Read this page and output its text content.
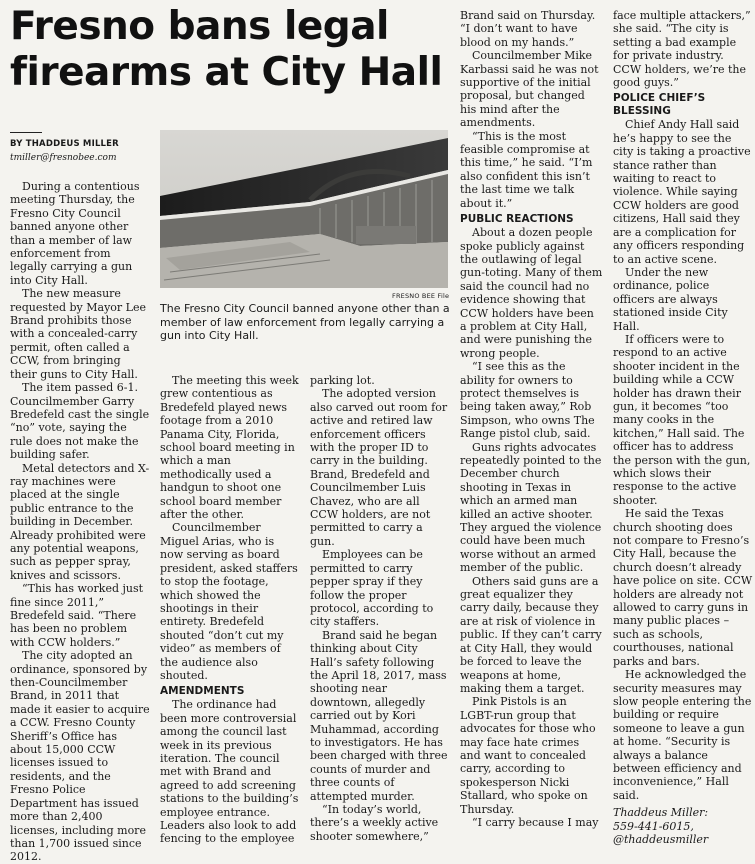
Fresno bans legal
firearms at City Hall
BY THADDEUS MILLER
tmiller@fresnobee.com
FRESNO BEE File
The Fresno City Council banned anyone other than a member of law enforcement from legally carrying a gun into City Hall.

During a contentious meeting Thursday, the Fresno City Council banned anyone other than a member of law enforcement from legally carrying a gun into City Hall.

The new measure requested by Mayor Lee Brand prohibits those with a concealed-carry permit, often called a CCW, from bringing their guns to City Hall.

The item passed 6-1. Councilmember Garry Bredefeld cast the single “no” vote, saying the rule does not make the building safer.

Metal detectors and X-ray machines were placed at the single public entrance to the building in December. Already prohibited were any potential weapons, such as pepper spray, knives and scissors.

“This has worked just fine since 2011,” Bredefeld said. “There has been no problem with CCW holders.”

The city adopted an ordinance, sponsored by then-Councilmember Brand, in 2011 that made it easier to acquire a CCW. Fresno County Sheriff’s Office has about 15,000 CCW licenses issued to residents, and the Fresno Police Department has issued more than 2,400 licenses, including more than 1,700 issued since 2012.

The meeting this week grew contentious as Bredefeld played news footage from a 2010 Panama City, Florida, school board meeting in which a man methodically used a handgun to shoot one school board member after the other.

Councilmember Miguel Arias, who is now serving as board president, asked staffers to stop the footage, which showed the shootings in their entirety. Bredefeld shouted “don’t cut my video” as members of the audience also shouted.

AMENDMENTS

The ordinance had been more controversial among the council last week in its previous iteration. The council met with Brand and agreed to add screening stations to the building’s employee entrance. Leaders also look to add fencing to the employee

parking lot.

The adopted version also carved out room for active and retired law enforcement officers with the proper ID to carry in the building. Brand, Bredefeld and Councilmember Luis Chavez, who are all CCW holders, are not permitted to carry a gun.

Employees can be permitted to carry pepper spray if they follow the proper protocol, according to city staffers.

Brand said he began thinking about City Hall’s safety following the April 18, 2017, mass shooting near downtown, allegedly carried out by Kori Muhammad, according to investigators. He has been charged with three counts of murder and three counts of attempted murder.

“In today’s world, there’s a weekly active shooter somewhere,”

Brand said on Thursday. “I don’t want to have blood on my hands.”

Councilmember Mike Karbassi said he was not supportive of the initial proposal, but changed his mind after the amendments.

“This is the most feasible compromise at this time,” he said. “I’m also confident this isn’t the last time we talk about it.”

PUBLIC REACTIONS

About a dozen people spoke publicly against the outlawing of legal gun-toting. Many of them said the council had no evidence showing that CCW holders have been a problem at City Hall, and were punishing the wrong people.

“I see this as the ability for owners to protect themselves is being taken away,” Rob Simpson, who owns The Range pistol club, said.

Guns rights advocates repeatedly pointed to the December church shooting in Texas in which an armed man killed an active shooter. They argued the violence could have been much worse without an armed member of the public.

Others said guns are a great equalizer they carry daily, because they are at risk of violence in public. If they can’t carry at City Hall, they would be forced to leave the weapons at home, making them a target.

Pink Pistols is an LGBT-run group that advocates for those who may face hate crimes and want to concealed carry, according to spokesperson Nicki Stallard, who spoke on Thursday.

“I carry because I may

face multiple attackers,” she said. “The city is setting a bad example for private industry. CCW holders, we’re the good guys.”

POLICE CHIEF’S BLESSING

Chief Andy Hall said he’s happy to see the city is taking a proactive stance rather than waiting to react to violence. While saying CCW holders are good citizens, Hall said they are a complication for any officers responding to an active scene.

Under the new ordinance, police officers are always stationed inside City Hall.

If officers were to respond to an active shooter incident in the building while a CCW holder has drawn their gun, it becomes “too many cooks in the kitchen,” Hall said. The officer has to address the person with the gun, which slows their response to the active shooter.

He said the Texas church shooting does not compare to Fresno’s City Hall, because the church doesn’t already have police on site. CCW holders are already not allowed to carry guns in many public places – such as schools, courthouses, national parks and bars.

He acknowledged the security measures may slow people entering the building or require someone to leave a gun at home. “Security is always a balance between efficiency and inconvenience,” Hall said.

Thaddeus Miller:

559-441-6015,

@thaddeusmiller
